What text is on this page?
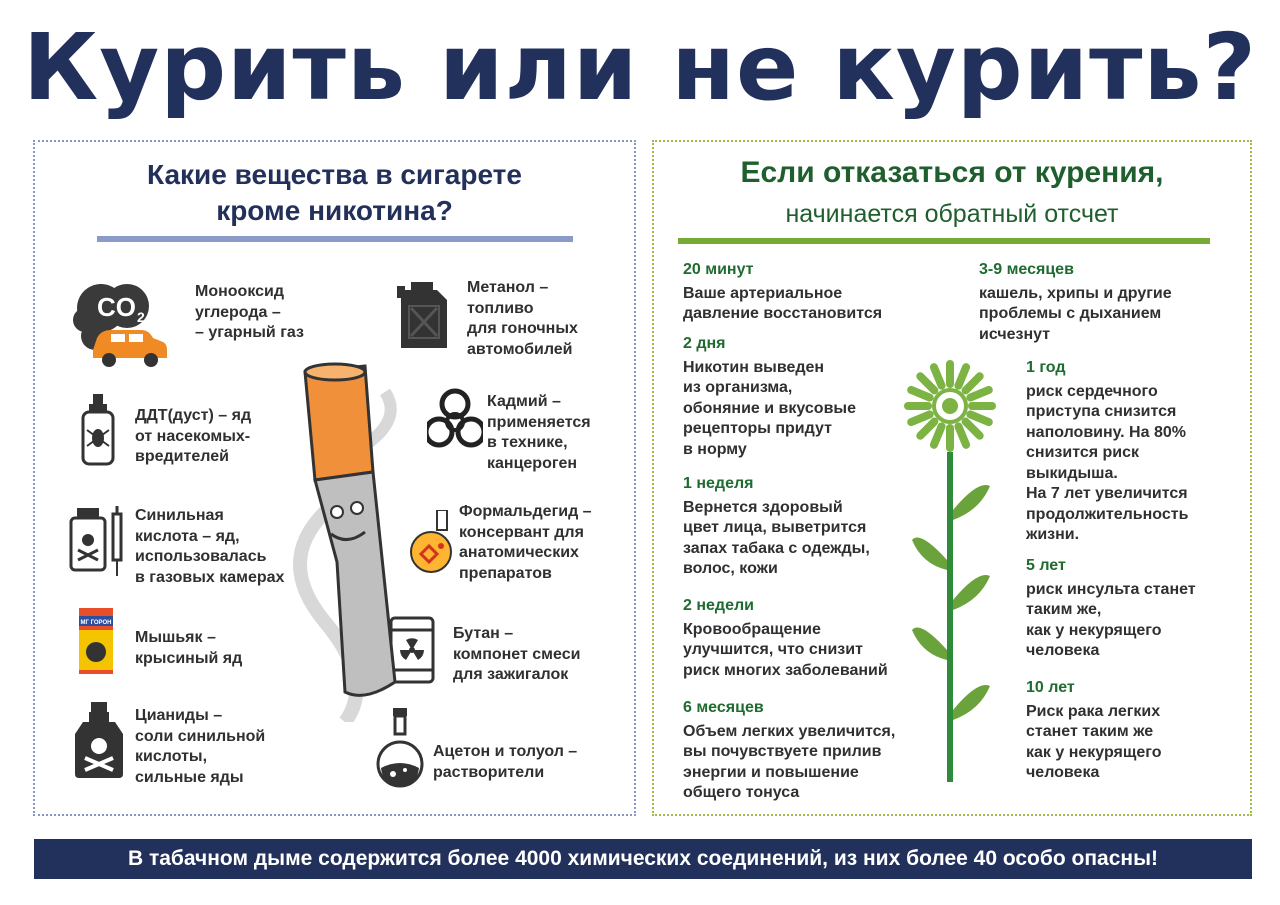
Курить или не курить?
Какие вещества в сигарете
кроме никотина?
CO 2
Монооксид
углерода –
– угарный газ
ДДТ(дуст) – яд
от насекомых-
вредителей
Синильная
кислота – яд,
использовалась
в газовых камерах
МГ ГОРОН
Мышьяк –
крысиный яд
Цианиды –
соли синильной
кислоты,
сильные яды
Метанол –
топливо
для гоночных
автомобилей
Кадмий –
применяется
в технике,
канцероген
Формальдегид –
консервант для
анатомических
препаратов
Бутан –
компонет смеси
для зажигалок
Ацетон и толуол –
растворители
Если отказаться от курения,
начинается обратный отсчет
20 минут
Ваше артериальное
давление восстановится
2 дня
Никотин выведен
из организма,
обоняние и вкусовые
рецепторы придут
в норму
1 неделя
Вернется здоровый
цвет лица, выветрится
запах табака с одежды,
волос, кожи
2 недели
Кровообращение
улучшится, что снизит
риск многих заболеваний
6 месяцев
Объем легких увеличится,
вы почувствуете прилив
энергии и повышение
общего тонуса
3-9 месяцев
кашель, хрипы и другие
проблемы с дыханием
исчезнут
1 год
риск сердечного
приступа снизится
наполовину. На 80%
снизится риск
выкидыша.
На 7 лет увеличится
продолжительность
жизни.
5 лет
риск инсульта станет
таким же,
как у некурящего
человека
10 лет
Риск рака легких
станет таким же
как у некурящего
человека
В табачном дыме содержится более 4000 химических соединений, из них более 40 особо опасны!
